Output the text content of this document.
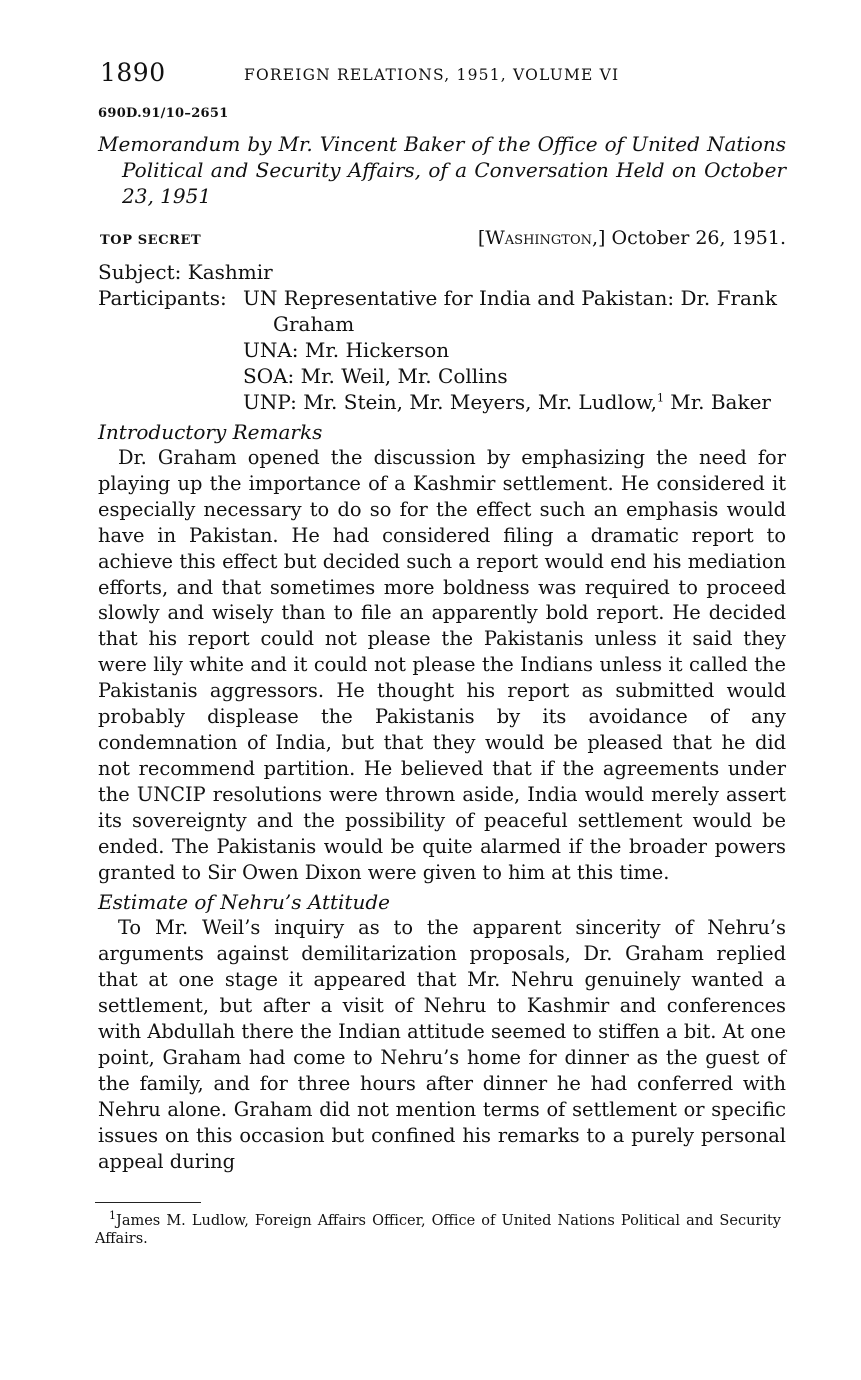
1890	FOREIGN RELATIONS, 1951, VOLUME VI
690D.91/10–2651
Memorandum by Mr. Vincent Baker of the Office of United Nations Political and Security Affairs, of a Conversation Held on October 23, 1951
TOP SECRET	[Washington,] October 26, 1951.
Subject: Kashmir
Participants: UN Representative for India and Pakistan: Dr. Frank Graham
UNA: Mr. Hickerson
SOA: Mr. Weil, Mr. Collins
UNP: Mr. Stein, Mr. Meyers, Mr. Ludlow,$^1$ Mr. Baker
Introductory Remarks

Dr. Graham opened the discussion by emphasizing the need for playing up the importance of a Kashmir settlement. He considered it especially necessary to do so for the effect such an emphasis would have in Pakistan. He had considered filing a dramatic report to achieve this effect but decided such a report would end his mediation efforts, and that sometimes more boldness was required to proceed slowly and wisely than to file an apparently bold report. He decided that his report could not please the Pakistanis unless it said they were lily white and it could not please the Indians unless it called the Pakistanis aggressors. He thought his report as submitted would probably displease the Pakistanis by its avoidance of any condemnation of India, but that they would be pleased that he did not recommend partition. He believed that if the agreements under the UNCIP resolutions were thrown aside, India would merely assert its sovereignty and the possibility of peaceful settlement would be ended. The Pakistanis would be quite alarmed if the broader powers granted to Sir Owen Dixon were given to him at this time.

Estimate of Nehru’s Attitude

To Mr. Weil’s inquiry as to the apparent sincerity of Nehru’s arguments against demilitarization proposals, Dr. Graham replied that at one stage it appeared that Mr. Nehru genuinely wanted a settlement, but after a visit of Nehru to Kashmir and conferences with Abdullah there the Indian attitude seemed to stiffen a bit. At one point, Graham had come to Nehru’s home for dinner as the guest of the family, and for three hours after dinner he had conferred with Nehru alone. Graham did not mention terms of settlement or specific issues on this occasion but confined his remarks to a purely personal appeal during

$^1$James M. Ludlow, Foreign Affairs Officer, Office of United Nations Political and Security Affairs.
